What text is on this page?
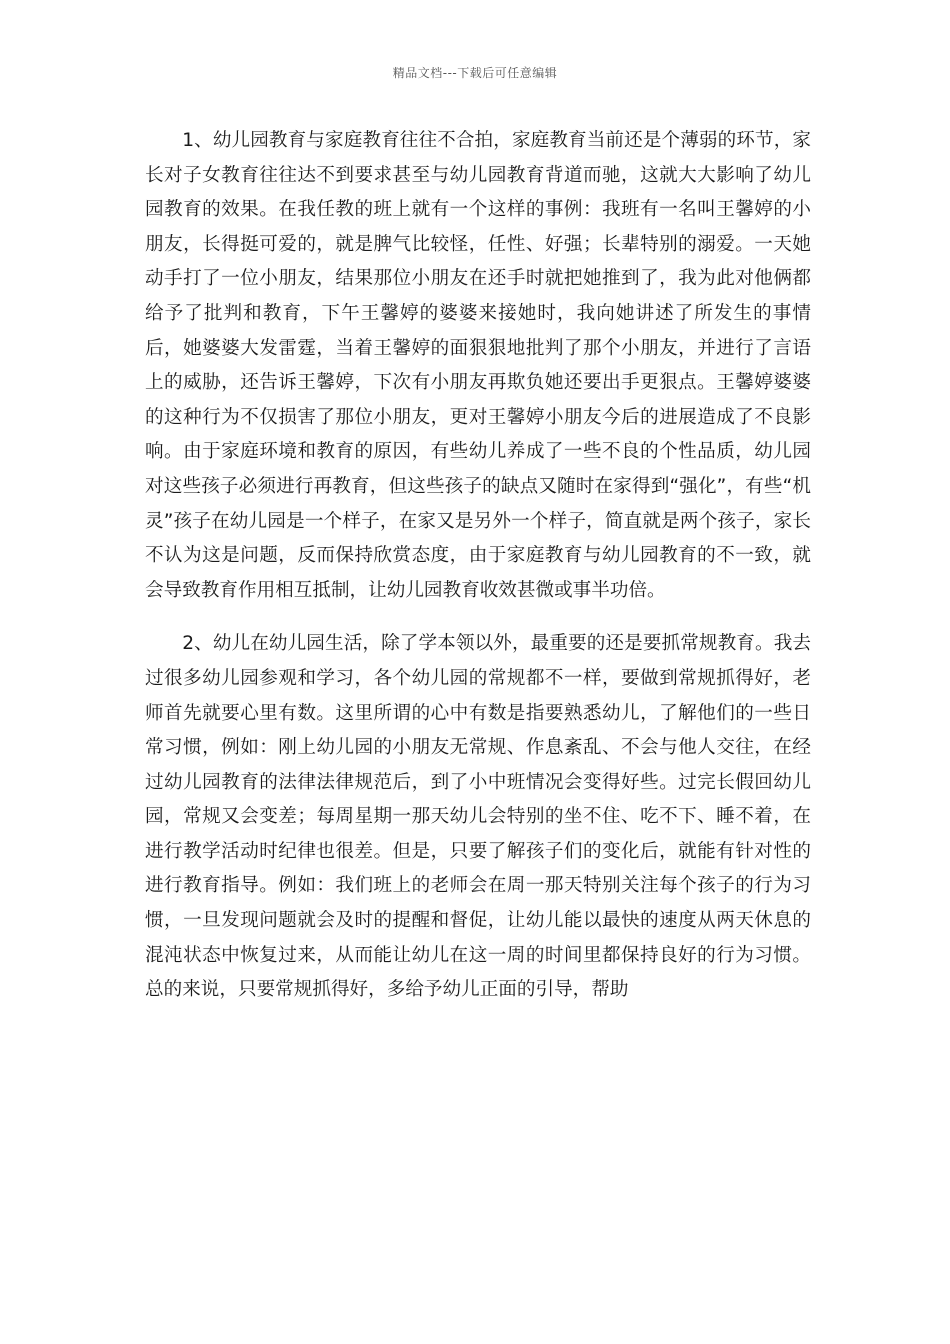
精品文档---下载后可任意编辑

1、幼儿园教育与家庭教育往往不合拍，家庭教育当前还是个薄弱的环节，家长对子女教育往往达不到要求甚至与幼儿园教育背道而驰，这就大大影响了幼儿园教育的效果。在我任教的班上就有一个这样的事例：我班有一名叫王馨婷的小朋友，长得挺可爱的，就是脾气比较怪，任性、好强；长辈特别的溺爱。一天她动手打了一位小朋友，结果那位小朋友在还手时就把她推到了，我为此对他俩都给予了批判和教育，下午王馨婷的婆婆来接她时，我向她讲述了所发生的事情后，她婆婆大发雷霆，当着王馨婷的面狠狠地批判了那个小朋友，并进行了言语上的威胁，还告诉王馨婷，下次有小朋友再欺负她还要出手更狠点。王馨婷婆婆的这种行为不仅损害了那位小朋友，更对王馨婷小朋友今后的进展造成了不良影响。由于家庭环境和教育的原因，有些幼儿养成了一些不良的个性品质，幼儿园对这些孩子必须进行再教育，但这些孩子的缺点又随时在家得到“强化”，有些“机灵”孩子在幼儿园是一个样子，在家又是另外一个样子，简直就是两个孩子，家长不认为这是问题，反而保持欣赏态度，由于家庭教育与幼儿园教育的不一致，就会导致教育作用相互抵制，让幼儿园教育收效甚微或事半功倍。

2、幼儿在幼儿园生活，除了学本领以外，最重要的还是要抓常规教育。我去过很多幼儿园参观和学习，各个幼儿园的常规都不一样，要做到常规抓得好，老师首先就要心里有数。这里所谓的心中有数是指要熟悉幼儿，了解他们的一些日常习惯，例如：刚上幼儿园的小朋友无常规、作息紊乱、不会与他人交往，在经过幼儿园教育的法律法律规范后，到了小中班情况会变得好些。过完长假回幼儿园，常规又会变差；每周星期一那天幼儿会特别的坐不住、吃不下、睡不着，在进行教学活动时纪律也很差。但是，只要了解孩子们的变化后，就能有针对性的进行教育指导。例如：我们班上的老师会在周一那天特别关注每个孩子的行为习惯，一旦发现问题就会及时的提醒和督促，让幼儿能以最快的速度从两天休息的混沌状态中恢复过来，从而能让幼儿在这一周的时间里都保持良好的行为习惯。总的来说，只要常规抓得好，多给予幼儿正面的引导，帮助
